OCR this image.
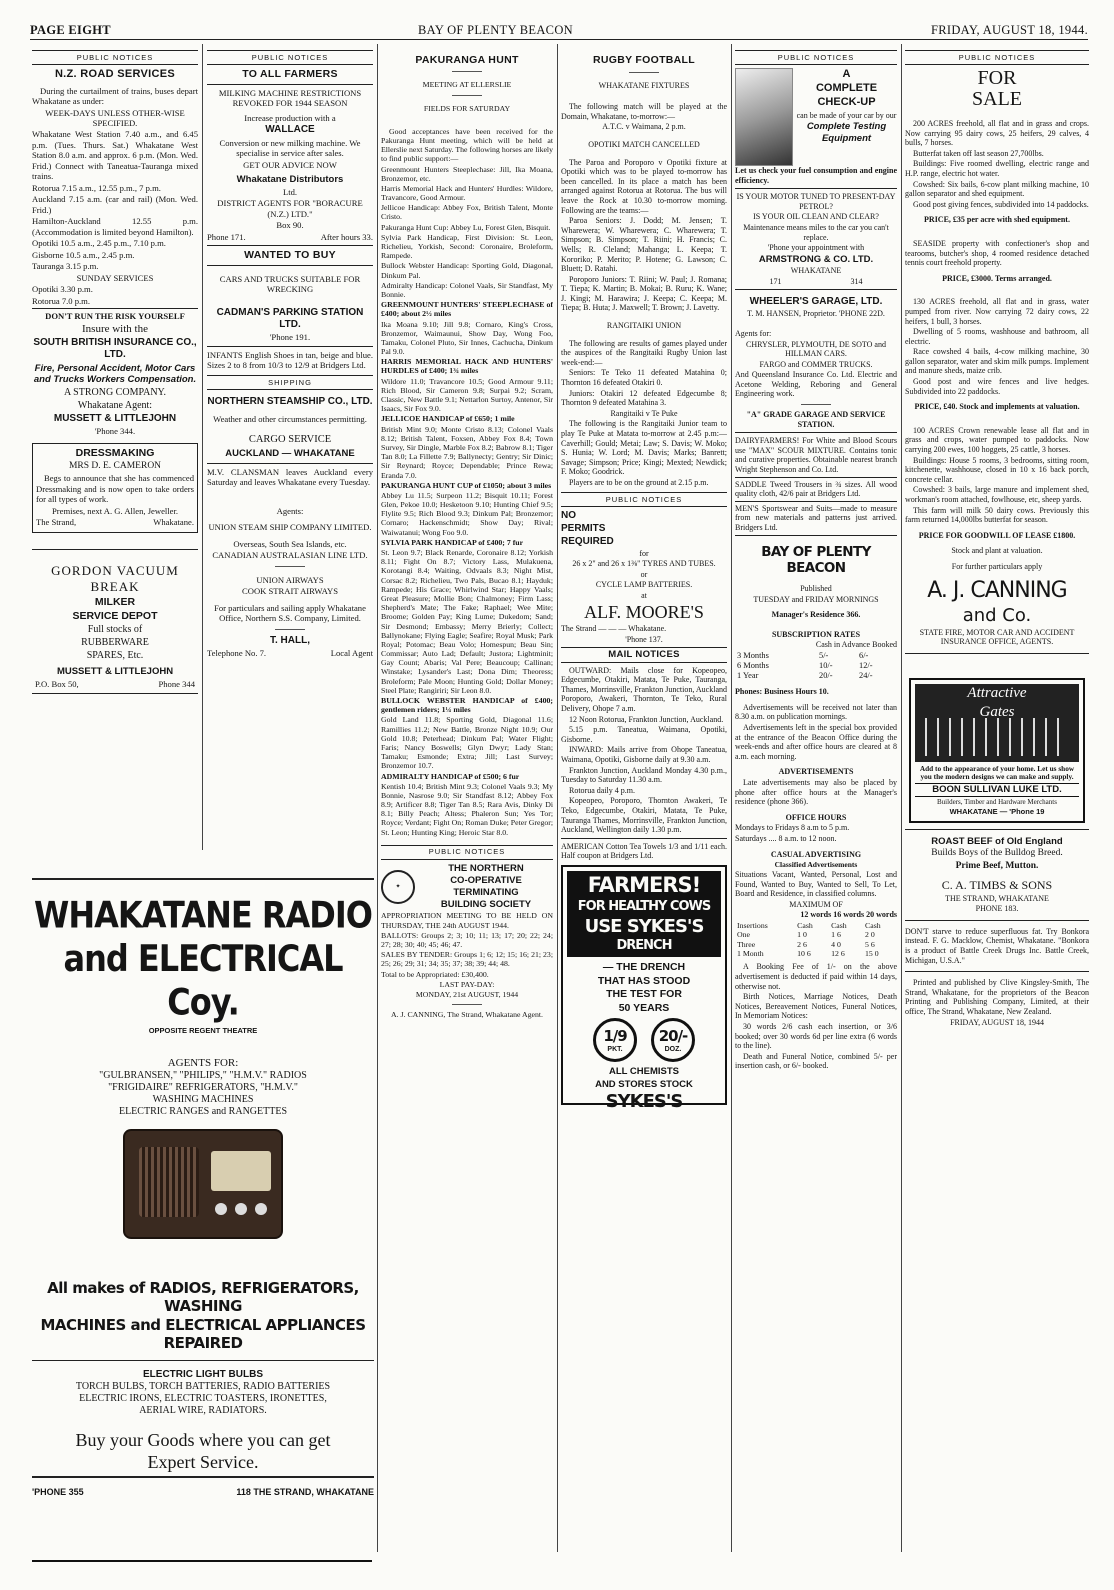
PAGE EIGHT	BAY OF PLENTY BEACON	FRIDAY, AUGUST 18, 1944.
PUBLIC NOTICES
N.Z. ROAD SERVICES

During the curtailment of trains, buses depart Whakatane as under:

WEEK-DAYS UNLESS OTHER-WISE SPECIFIED.

Whakatane West Station 7.40 a.m., and 6.45 p.m. (Tues. Thurs. Sat.) Whakatane West Station 8.0 a.m. and approx. 6 p.m. (Mon. Wed. Frid.) Connect with Taneatua-Tauranga mixed trains.

Rotorua 7.15 a.m., 12.55 p.m., 7 p.m.

Auckland 7.15 a.m. (car and rail) (Mon. Wed. Frid.)

Hamilton-Auckland 12.55 p.m. (Accommodation is limited beyond Hamilton).

Opotiki 10.5 a.m., 2.45 p.m., 7.10 p.m.

Gisborne 10.5 a.m., 2.45 p.m.

Tauranga 3.15 p.m.

SUNDAY SERVICES

Opotiki 3.30 p.m.

Rotorua 7.0 p.m.

DON'T RUN THE RISK YOURSELF

Insure with the

SOUTH BRITISH INSURANCE CO., LTD.

Fire, Personal Accident, Motor Cars and Trucks Workers Compensation.

A STRONG COMPANY.

Whakatane Agent:

MUSSETT & LITTLEJOHN

'Phone 344.

DRESSMAKING

MRS D. E. CAMERON

Begs to announce that she has commenced Dressmaking and is now open to take orders for all types of work.

Premises, next A. G. Allen, Jeweller.

The Strand,	Whakatane.

GORDON VACUUM

BREAK

MILKER

SERVICE DEPOT

Full stocks of

RUBBERWARE

SPARES, Etc.

MUSSETT & LITTLEJOHN

P.O. Box 50,	Phone 344

PUBLIC NOTICES
TO ALL FARMERS

MILKING MACHINE RESTRICTIONS REVOKED FOR 1944 SEASON

Increase production with a

WALLACE

Conversion or new milking machine. We specialise in service after sales.

GET OUR ADVICE NOW

Whakatane Distributors

Ltd.

DISTRICT AGENTS FOR "BORACURE (N.Z.) LTD."

Box 90.

Phone 171.	After hours 33.

WANTED TO BUY

CARS AND TRUCKS SUITABLE FOR WRECKING

CADMAN'S PARKING STATION LTD.

'Phone 191.

INFANTS English Shoes in tan, beige and blue. Sizes 2 to 8 from 10/3 to 12/9 at Bridgers Ltd.

SHIPPING

NORTHERN STEAMSHIP CO., LTD.

Weather and other circumstances permitting.

CARGO SERVICE

AUCKLAND — WHAKATANE

M.V. CLANSMAN leaves Auckland every Saturday and leaves Whakatane every Tuesday.

Agents:

UNION STEAM SHIP COMPANY LIMITED.

Overseas, South Sea Islands, etc.

CANADIAN AUSTRALASIAN LINE LTD.

UNION AIRWAYS

COOK STRAIT AIRWAYS

For particulars and sailing apply Whakatane Office, Northern S.S. Company, Limited.

T. HALL,

Telephone No. 7.	Local Agent

WHAKATANE RADIO

and ELECTRICAL Coy.

OPPOSITE REGENT THEATRE

AGENTS FOR:

"GULBRANSEN," "PHILIPS," "H.M.V." RADIOS

"FRIGIDAIRE" REFRIGERATORS, "H.M.V."

WASHING MACHINES

ELECTRIC RANGES and RANGETTES

All makes of RADIOS, REFRIGERATORS, WASHING

MACHINES and ELECTRICAL APPLIANCES REPAIRED

ELECTRIC LIGHT BULBS

TORCH BULBS, TORCH BATTERIES, RADIO BATTERIES

ELECTRIC IRONS, ELECTRIC TOASTERS, IRONETTES,

AERIAL WIRE, RADIATORS.

Buy your Goods where you can get

Expert Service.

'PHONE 355	118 THE STRAND, WHAKATANE

PAKURANGA HUNT

MEETING AT ELLERSLIE

FIELDS FOR SATURDAY

Good acceptances have been received for the Pakuranga Hunt meeting, which will be held at Ellerslie next Saturday. The following horses are likely to find public support:—

Greenmount Hunters Steeplechase: Jill, Ika Moana, Bronzemor, etc.

Harris Memorial Hack and Hunters' Hurdles: Wildore, Travancore, Good Armour.

Jellicoe Handicap: Abbey Fox, British Talent, Monte Cristo.

Pakuranga Hunt Cup: Abbey Lu, Forest Glen, Bisquit.

Sylvia Park Handicap, First Division: St. Leon, Richelieu, Yorkish, Second: Coronaire, Broleform, Rampede.

Bullock Webster Handicap: Sporting Gold, Diagonal, Dinkum Pal.

Admiralty Handicap: Colonel Vaals, Sir Standfast, My Bonnie.

GREENMOUNT HUNTERS' STEEPLECHASE of £400; about 2½ miles

Ika Moana 9.10; Jill 9.8; Cornaro, King's Cross, Bronzemor, Waimaunui, Show Day, Wong Foo, Tamaku, Colonel Pluto, Sir Innes, Cachucha, Dinkum Pal 9.0.

HARRIS MEMORIAL HACK AND HUNTERS' HURDLES of £400; 1¾ miles

Wildore 11.0; Travancore 10.5; Good Armour 9.11; Rich Blood, Sir Cameron 9.8; Surpai 9.2; Scram, Classic, New Battle 9.1; Nettarlon Surtoy, Antenor, Sir Isaacs, Sir Fox 9.0.

JELLICOE HANDICAP of £650; 1 mile

British Mint 9.0; Monte Cristo 8.13; Colonel Vaals 8.12; British Talent, Foxsen, Abbey Fox 8.4; Town Survey, Sir Dingle, Marble Fox 8.2; Babrow 8.1; Tiger Tan 8.0; La Fillette 7.9; Ballynecty; Gentry; Sir Dinic; Sir Reynard; Royce; Dependable; Prince Rewa; Eranda 7.0.

PAKURANGA HUNT CUP of £1050; about 3 miles

Abbey Lu 11.5; Surpeon 11.2; Bisquit 10.11; Forest Glen, Pekoe 10.0; Hesketoon 9.10; Hunting Chief 9.5; Flylite 9.5; Rich Blood 9.3; Dinkum Pal; Bronzemor; Cornaro; Hackenschmidt; Show Day; Rival; Waiwatanui; Wong Foo 9.0.

SYLVIA PARK HANDICAP of £400; 7 fur

St. Leon 9.7; Black Renarde, Coronaire 8.12; Yorkish 8.11; Fight On 8.7; Victory Lass, Mulakuena, Korotangi 8.4; Waiting, Odvaals 8.3; Night Mist, Corsac 8.2; Richelieu, Two Pals, Bucao 8.1; Hayduk; Rampede; His Grace; Whirlwind Star; Happy Vaals; Great Pleasure; Mollie Bon; Chalmoney; Firm Lass; Shepherd's Mate; The Fake; Raphael; Wee Mite; Broome; Golden Pay; King Lume; Dukedom; Sand; Sir Desmond; Embassy; Merry Brierly; Collect; Ballynokane; Flying Eagle; Seafire; Royal Musk; Park Royal; Potomac; Beau Volo; Homespun; Beau Sin; Commissar; Auto Lad; Default; Justora; Lightminit; Gay Count; Abaris; Val Pere; Beaucoup; Callinan; Winstake; Lysander's Last; Dona Dim; Theoress; Broleform; Pale Moon; Hunting Gold; Dollar Money; Steel Plate; Rangiriri; Sir Leon 8.0.

BULLOCK WEBSTER HANDICAP of £400; gentlemen riders; 1¼ miles

Gold Land 11.8; Sporting Gold, Diagonal 11.6; Ramillies 11.2; New Battle, Bronze Night 10.9; Our Gold 10.8; Peterhead; Dinkum Pal; Water Flight; Faris; Nancy Boswells; Glyn Dwyr; Lady Stan; Tamaku; Esmonde; Extra; Jill; Last Survey; Bronzemor 10.7.

ADMIRALTY HANDICAP of £500; 6 fur

Kentish 10.4; British Mint 9.3; Colonel Vaals 9.3; My Bonnie, Nasrose 9.0; Sir Standfast 8.12; Abbey Fox 8.9; Artificer 8.8; Tiger Tan 8.5; Rara Avis, Dinky Di 8.1; Billy Peach; Altess; Phaleron Sun; Yes Tor; Royce; Verdant; Fight On; Roman Duke; Peter Gregor; St. Leon; Hunting King; Heroic Star 8.0.

PUBLIC NOTICES
✦

THE NORTHERN

CO-OPERATIVE

TERMINATING

BUILDING SOCIETY

APPROPRIATION MEETING TO BE HELD ON THURSDAY, THE 24th AUGUST 1944.

BALLOTS: Groups 2; 3; 10; 11; 13; 17; 20; 22; 24; 27; 28; 30; 40; 45; 46; 47.

SALES BY TENDER: Groups 1; 6; 12; 15; 16; 21; 23; 25; 26; 29; 31; 34; 35; 37; 38; 39; 44; 48.

Total to be Appropriated: £30,400.

LAST PAY-DAY:

MONDAY, 21st AUGUST, 1944

A. J. CANNING, The Strand, Whakatane Agent.

RUGBY FOOTBALL

WHAKATANE FIXTURES

The following match will be played at the Domain, Whakatane, to-morrow:—

A.T.C. v Waimana, 2 p.m.

OPOTIKI MATCH CANCELLED

The Paroa and Poroporo v Opotiki fixture at Opotiki which was to be played to-morrow has been cancelled. In its place a match has been arranged against Rotorua at Rotorua. The bus will leave the Rock at 10.30 to-morrow morning. Following are the teams:—

Paroa Seniors: J. Dodd; M. Jensen; T. Wharewera; W. Wharewera; C. Wharewera; T. Simpson; B. Simpson; T. Riini; H. Francis; C. Wells; R. Cleland; Mahanga; L. Keepa; T. Kororiko; P. Merito; P. Hotene; G. Lawson; C. Bluett; D. Ratahi.

Poroporo Juniors: T. Riini; W. Paul; J. Romana; T. Tiepa; K. Martin; B. Mokai; B. Ruru; K. Wane; J. Kingi; M. Harawira; J. Keepa; C. Keepa; M. Tiepa; B. Huta; J. Maxwell; T. Brown; J. Lavetty.

RANGITAIKI UNION

The following are results of games played under the auspices of the Rangitaiki Rugby Union last week-end:—

Seniors: Te Teko 11 defeated Matahina 0; Thornton 16 defeated Otakiri 0.

Juniors: Otakiri 12 defeated Edgecumbe 8; Thornton 9 defeated Matahina 3.

Rangitaiki v Te Puke

The following is the Rangitaiki Junior team to play Te Puke at Matata to-morrow at 2.45 p.m:— Caverhill; Gould; Metai; Law; S. Davis; W. Moko; S. Hunia; W. Lord; M. Davis; Marks; Banrett; Savage; Simpson; Price; Kingi; Mexted; Newdick; F. Moko; Goodrick.

Players are to be on the ground at 2.15 p.m.

PUBLIC NOTICES

NO

PERMITS

REQUIRED

for

26 x 2" and 26 x 1⅜" TYRES AND TUBES.

or

CYCLE LAMP BATTERIES.

at

ALF. MOORE'S

The Strand — — — Whakatane.

'Phone 137.

MAIL NOTICES

OUTWARD: Mails close for Kopeopeo, Edgecumbe, Otakiri, Matata, Te Puke, Tauranga, Thames, Morrinsville, Frankton Junction, Auckland Poroporo, Awakeri, Thornton, Te Teko, Rural Delivery, Ohope 7 a.m.

12 Noon Rotorua, Frankton Junction, Auckland.

5.15 p.m. Taneatua, Waimana, Opotiki, Gisborne.

INWARD: Mails arrive from Ohope Taneatua, Waimana, Opotiki, Gisborne daily at 9.30 a.m.

Frankton Junction, Auckland Monday 4.30 p.m., Tuesday to Saturday 11.30 a.m.

Rotorua daily 4 p.m.

Kopeopeo, Poroporo, Thornton Awakeri, Te Teko, Edgecumbe, Otakiri, Matata, Te Puke, Tauranga Thames, Morrinsville, Frankton Junction, Auckland, Wellington daily 1.30 p.m.

AMERICAN Cotton Tea Towels 1/3 and 1/11 each. Half coupon at Bridgers Ltd.

FARMERS!

FOR HEALTHY COWS

USE SYKES'S

DRENCH

— THE DRENCH

THAT HAS STOOD

THE TEST FOR

50 YEARS

1/9

PKT.

20/-

DOZ.

ALL CHEMISTS

AND STORES STOCK

SYKES'S

PUBLIC NOTICES

A

COMPLETE

CHECK-UP

can be made of your car by our

Complete Testing Equipment

Let us check your fuel consumption and engine efficiency.

IS YOUR MOTOR TUNED TO PRESENT-DAY PETROL?

IS YOUR OIL CLEAN AND CLEAR?

Maintenance means miles to the car you can't replace.

'Phone your appointment with

ARMSTRONG & CO. LTD.

WHAKATANE

171	314

WHEELER'S GARAGE, LTD.

T. M. HANSEN, Proprietor. 'PHONE 22D.

Agents for:

CHRYSLER, PLYMOUTH, DE SOTO and HILLMAN CARS.

FARGO and COMMER TRUCKS.

And Queensland Insurance Co. Ltd. Electric and Acetone Welding, Reboring and General Engineering work.

"A" GRADE GARAGE AND SERVICE STATION.

DAIRYFARMERS! For White and Blood Scours use "MAX" SCOUR MIXTURE. Contains tonic and curative properties. Obtainable nearest branch Wright Stephenson and Co. Ltd.

SADDLE Tweed Trousers in ¾ sizes. All wood quality cloth, 42/6 pair at Bridgers Ltd.

MEN'S Sportswear and Suits—made to measure from new materials and patterns just arrived. Bridgers Ltd.

BAY OF PLENTY BEACON

Published

TUESDAY and FRIDAY MORNINGS

Manager's Residence 366.

SUBSCRIPTION RATES

Cash in Advance Booked

3 Months	5/-	6/-
6 Months	10/-	12/-
1 Year	20/-	24/-

Phones: Business Hours 10.

Advertisements will be received not later than 8.30 a.m. on publication mornings.

Advertisements left in the special box provided at the entrance of the Beacon Office during the week-ends and after office hours are cleared at 8 a.m. each morning.

ADVERTISEMENTS

Late advertisements may also be placed by phone after office hours at the Manager's residence (phone 366).

OFFICE HOURS

Mondays to Fridays 8 a.m to 5 p.m.

Saturdays .... 8 a.m. to 12 noon.

CASUAL ADVERTISING

Classified Advertisements

Situations Vacant, Wanted, Personal, Lost and Found, Wanted to Buy, Wanted to Sell, To Let, Board and Residence, in classified columns.

MAXIMUM OF

12 words 16 words 20 words

Insertions	Cash	Cash	Cash
One	1 0	1 6	2 0
Three	2 6	4 0	5 6
1 Month	10 6	12 6	15 0

A Booking Fee of 1/- on the above advertisement is deducted if paid within 14 days, otherwise not.

Birth Notices, Marriage Notices, Death Notices, Bereavement Notices, Funeral Notices, In Memoriam Notices:

30 words 2/6 cash each insertion, or 3/6 booked; over 30 words 6d per line extra (6 words to the line).

Death and Funeral Notice, combined 5/- per insertion cash, or 6/- booked.

PUBLIC NOTICES

FOR

SALE

200 ACRES freehold, all flat and in grass and crops. Now carrying 95 dairy cows, 25 heifers, 29 calves, 4 bulls, 7 horses.

Butterfat taken off last season 27,700lbs.

Buildings: Five roomed dwelling, electric range and H.P. range, electric hot water.

Cowshed: Six bails, 6-cow plant milking machine, 10 gallon separator and shed equipment.

Good post giving fences, subdivided into 14 paddocks.

PRICE, £35 per acre with shed equipment.

SEASIDE property with confectioner's shop and tearooms, butcher's shop, 4 roomed residence detached tennis court freehold property.

PRICE, £3000. Terms arranged.

130 ACRES freehold, all flat and in grass, water pumped from river. Now carrying 72 dairy cows, 22 heifers, 1 bull, 3 horses.

Dwelling of 5 rooms, washhouse and bathroom, all electric.

Race cowshed 4 bails, 4-cow milking machine, 30 gallon separator, water and skim milk pumps. Implement and manure sheds, maize crib.

Good post and wire fences and live hedges. Subdivided into 22 paddocks.

PRICE, £40. Stock and implements at valuation.

100 ACRES Crown renewable lease all flat and in grass and crops, water pumped to paddocks. Now carrying 200 ewes, 100 hoggets, 25 cattle, 3 horses.

Buildings: House 5 rooms, 3 bedrooms, sitting room, kitchenette, washhouse, closed in 10 x 16 back porch, concrete cellar.

Cowshed: 3 bails, large manure and implement shed, workman's room attached, fowlhouse, etc, sheep yards.

This farm will milk 50 dairy cows. Previously this farm returned 14,000lbs butterfat for season.

PRICE FOR GOODWILL OF LEASE £1800.

Stock and plant at valuation.

For further particulars apply

A. J. CANNING

and Co.

STATE FIRE, MOTOR CAR AND ACCIDENT INSURANCE OFFICE, AGENTS.

Attractive

Gates

Add to the appearance of your home. Let us show you the modern designs we can make and supply.

BOON SULLIVAN LUKE LTD.

Builders, Timber and Hardware Merchants

WHAKATANE — 'Phone 19

ROAST BEEF of Old England

Builds Boys of the Bulldog Breed.

Prime Beef, Mutton.

C. A. TIMBS & SONS

THE STRAND, WHAKATANE

PHONE 183.

DON'T starve to reduce superfluous fat. Try Bonkora instead. F. G. Macklow, Chemist, Whakatane. "Bonkora is a product of Battle Creek Drugs Inc. Battle Creek, Michigan, U.S.A."

Printed and published by Clive Kingsley-Smith, The Strand, Whakatane, for the proprietors of the Beacon Printing and Publishing Company, Limited, at their office, The Strand, Whakatane, New Zealand.

FRIDAY, AUGUST 18, 1944
